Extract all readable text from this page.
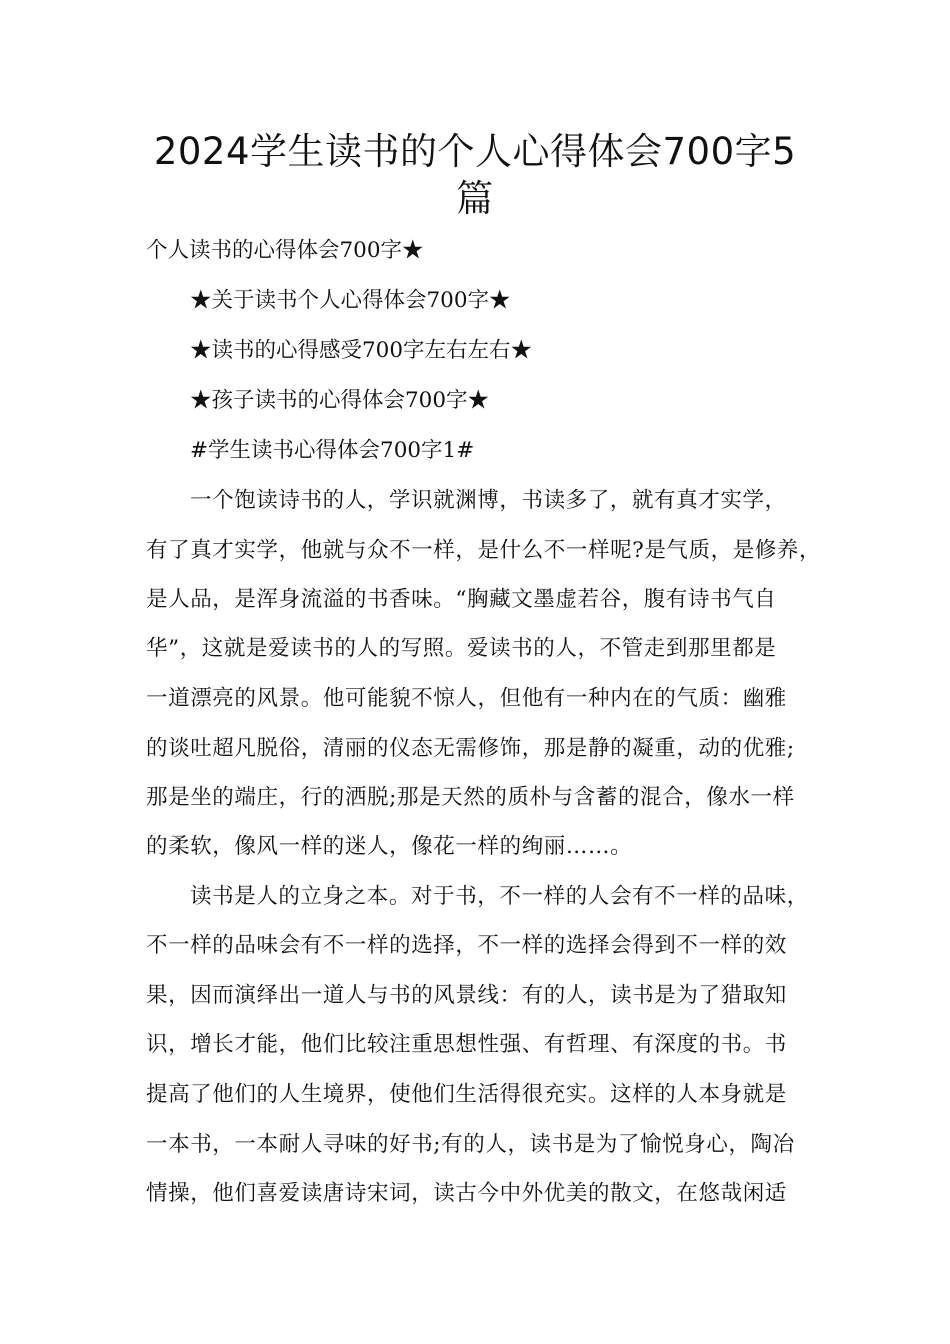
2024学生读书的个人心得体会700字5
篇
个人读书的心得体会700字★
★关于读书个人心得体会700字★
★读书的心得感受700字左右左右★
★孩子读书的心得体会700字★
#学生读书心得体会700字1#
一个饱读诗书的人，学识就渊博，书读多了，就有真才实学，
有了真才实学，他就与众不一样，是什么不一样呢?是气质，是修养，
是人品，是浑身流溢的书香味。“胸藏文墨虚若谷，腹有诗书气自
华”，这就是爱读书的人的写照。爱读书的人，不管走到那里都是
一道漂亮的风景。他可能貌不惊人，但他有一种内在的气质：幽雅
的谈吐超凡脱俗，清丽的仪态无需修饰，那是静的凝重，动的优雅;
那是坐的端庄，行的洒脱;那是天然的质朴与含蓄的混合，像水一样
的柔软，像风一样的迷人，像花一样的绚丽……。
读书是人的立身之本。对于书，不一样的人会有不一样的品味，
不一样的品味会有不一样的选择，不一样的选择会得到不一样的效
果，因而演绎出一道人与书的风景线：有的人，读书是为了猎取知
识，增长才能，他们比较注重思想性强、有哲理、有深度的书。书
提高了他们的人生境界，使他们生活得很充实。这样的人本身就是
一本书，一本耐人寻味的好书;有的人，读书是为了愉悦身心，陶冶
情操，他们喜爱读唐诗宋词，读古今中外优美的散文，在悠哉闲适
